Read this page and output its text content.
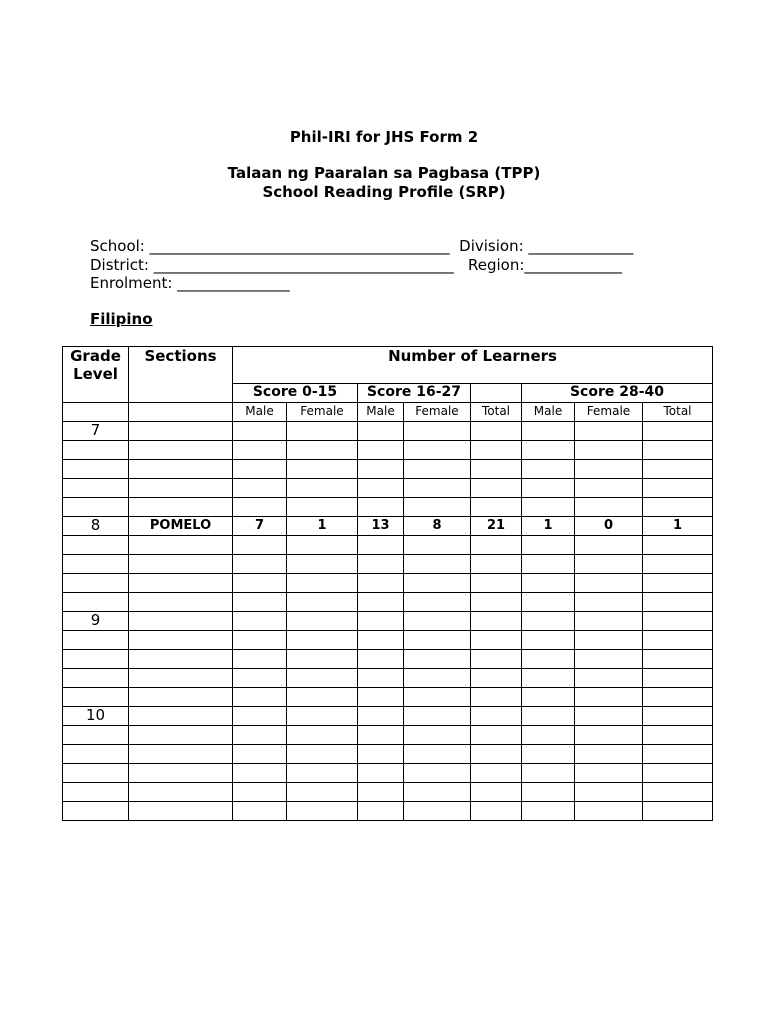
Phil-IRI for JHS Form 2
Talaan ng Paaralan sa Pagbasa (TPP)
School Reading Profile (SRP)
School: ________________________________________  Division: ______________
District: ________________________________________   Region:_____________
Enrolment: _______________
Filipino
Grade Level	Sections	Number of Learners							
		Score 0-15		Score 16-27			Score 28-40		
		Male	Female	Male	Female	Total	Male	Female	Total
7									

8	POMELO	7	1	13	8	21	1	0	1

9									

10									
